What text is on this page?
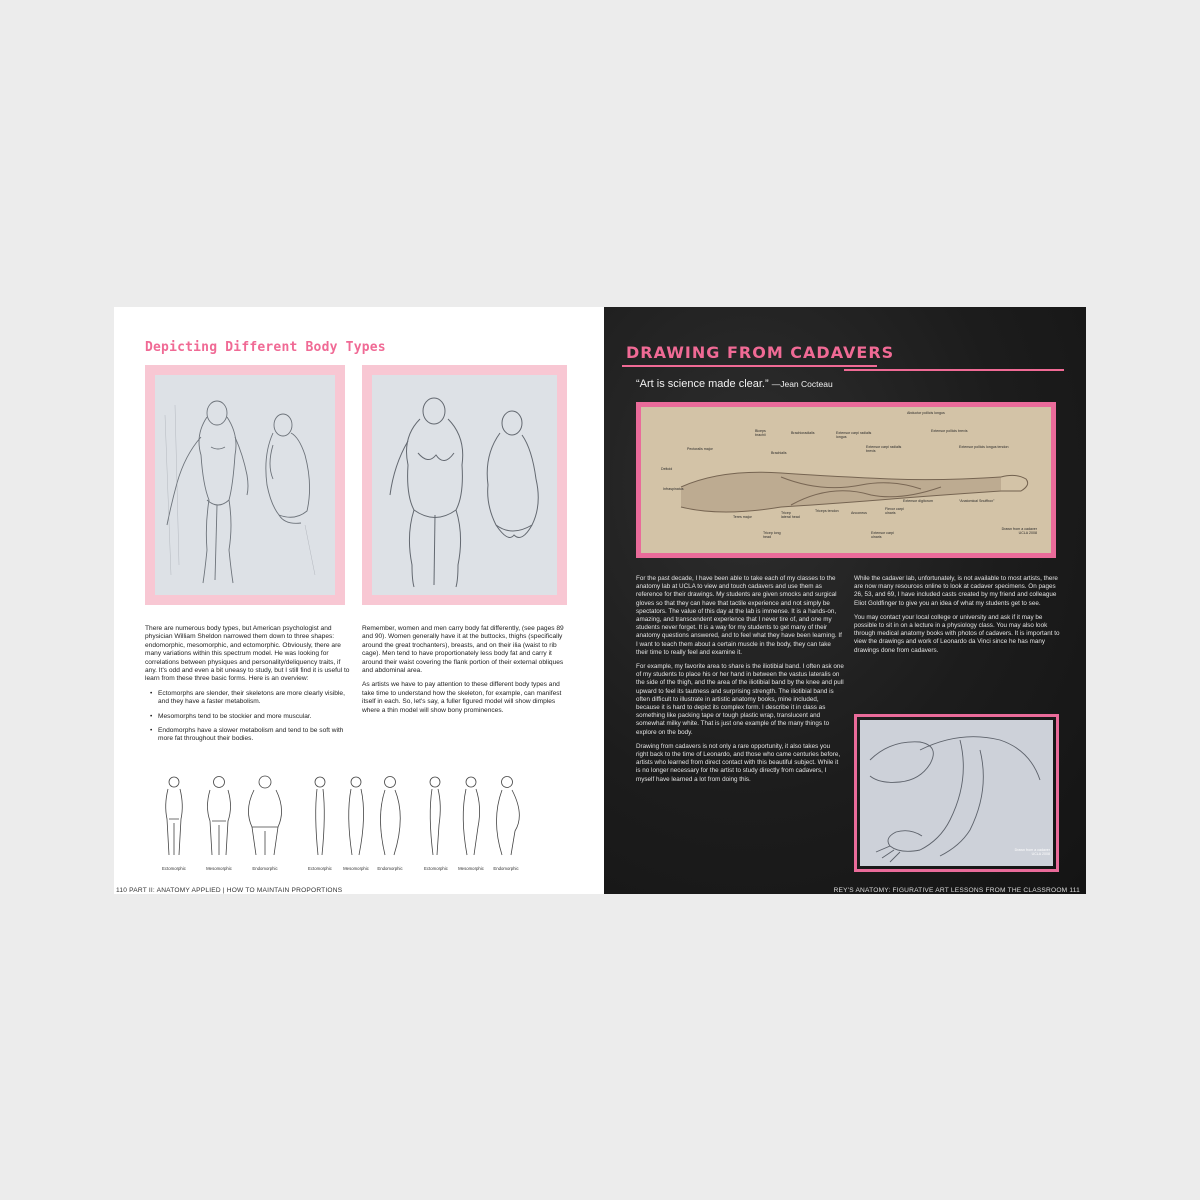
Depicting Different Body Types

There are numerous body types, but American psychologist and physician William Sheldon narrowed them down to three shapes: endomorphic, mesomorphic, and ectomorphic. Obviously, there are many variations within this spectrum model. He was looking for correlations between physiques and personality/deliquency traits, if any. It's odd and even a bit uneasy to study, but I still find it is useful to learn from these three basic forms. Here is an overview:

• Ectomorphs are slender, their skeletons are more clearly visible, and they have a faster metabolism.
• Mesomorphs tend to be stockier and more muscular.
• Endomorphs have a slower metabolism and tend to be soft with more fat throughout their bodies.

Remember, women and men carry body fat differently, (see pages 89 and 90). Women generally have it at the buttocks, thighs (specifically around the great trochanters), breasts, and on their ilia (waist to rib cage). Men tend to have proportionately less body fat and carry it around their waist covering the flank portion of their external obliques and abdominal area.

As artists we have to pay attention to these different body types and take time to understand how the skeleton, for example, can manifest itself in each. So, let's say, a fuller figured model will show dimples where a thin model will show bony prominences.

Ectomorphic	Mesomorphic	Endomorphic	Ectomorphic	Mesomorphic	Endomorphic	Ectomorphic	Mesomorphic	Endomorphic
110 PART II: ANATOMY APPLIED | HOW TO MAINTAIN PROPORTIONS
DRAWING FROM CADAVERS
“Art is science made clear.” —Jean Cocteau
Abductor pollicis longus
Biceps brachii
Brachioradialis	Extensor carpi radialis longus
Extensor pollicis brevis
Extensor carpi radialis brevis
Extensor pollicis longus tendon
Pectoralis major
Brachialis
Deltoid
Infraspinatus
“Anatomical Snuffbox”
Extensor digitorum
Teres major
Tricep lateral head
Triceps tendon	Anconeus
Flexor carpi ulnaris
Tricep long head
Extensor carpi ulnaris
Drawn from a cadaver UCLA 2008

For the past decade, I have been able to take each of my classes to the anatomy lab at UCLA to view and touch cadavers and use them as reference for their drawings. My students are given smocks and surgical gloves so that they can have that tactile experience and not simply be spectators. The value of this day at the lab is immense. It is a hands-on, amazing, and transcendent experience that I never tire of, and one my students never forget. It is a way for my students to get many of their anatomy questions answered, and to feel what they have been learning. If I want to teach them about a certain muscle in the body, they can take their time to really feel and examine it.

For example, my favorite area to share is the iliotibial band. I often ask one of my students to place his or her hand in between the vastus lateralis on the side of the thigh, and the area of the iliotibial band by the knee and pull upward to feel its tautness and surprising strength. The iliotibial band is often difficult to illustrate in artistic anatomy books, mine included, because it is hard to depict its complex form. I describe it in class as something like packing tape or tough plastic wrap, translucent and somewhat milky white. That is just one example of the many things to explore on the body.

Drawing from cadavers is not only a rare opportunity, it also takes you right back to the time of Leonardo, and those who came centuries before, artists who learned from direct contact with this beautiful subject. While it is no longer necessary for the artist to study directly from cadavers, I myself have learned a lot from doing this.

While the cadaver lab, unfortunately, is not available to most artists, there are now many resources online to look at cadaver specimens. On pages 26, 53, and 69, I have included casts created by my friend and colleague Eliot Goldfinger to give you an idea of what my students get to see.

You may contact your local college or university and ask if it may be possible to sit in on a lecture in a physiology class. You may also look through medical anatomy books with photos of cadavers. It is important to view the drawings and work of Leonardo da Vinci since he has many drawings done from cadavers.

Drawn from a cadaver UCLA 2008
REY'S ANATOMY: FIGURATIVE ART LESSONS FROM THE CLASSROOM 111
